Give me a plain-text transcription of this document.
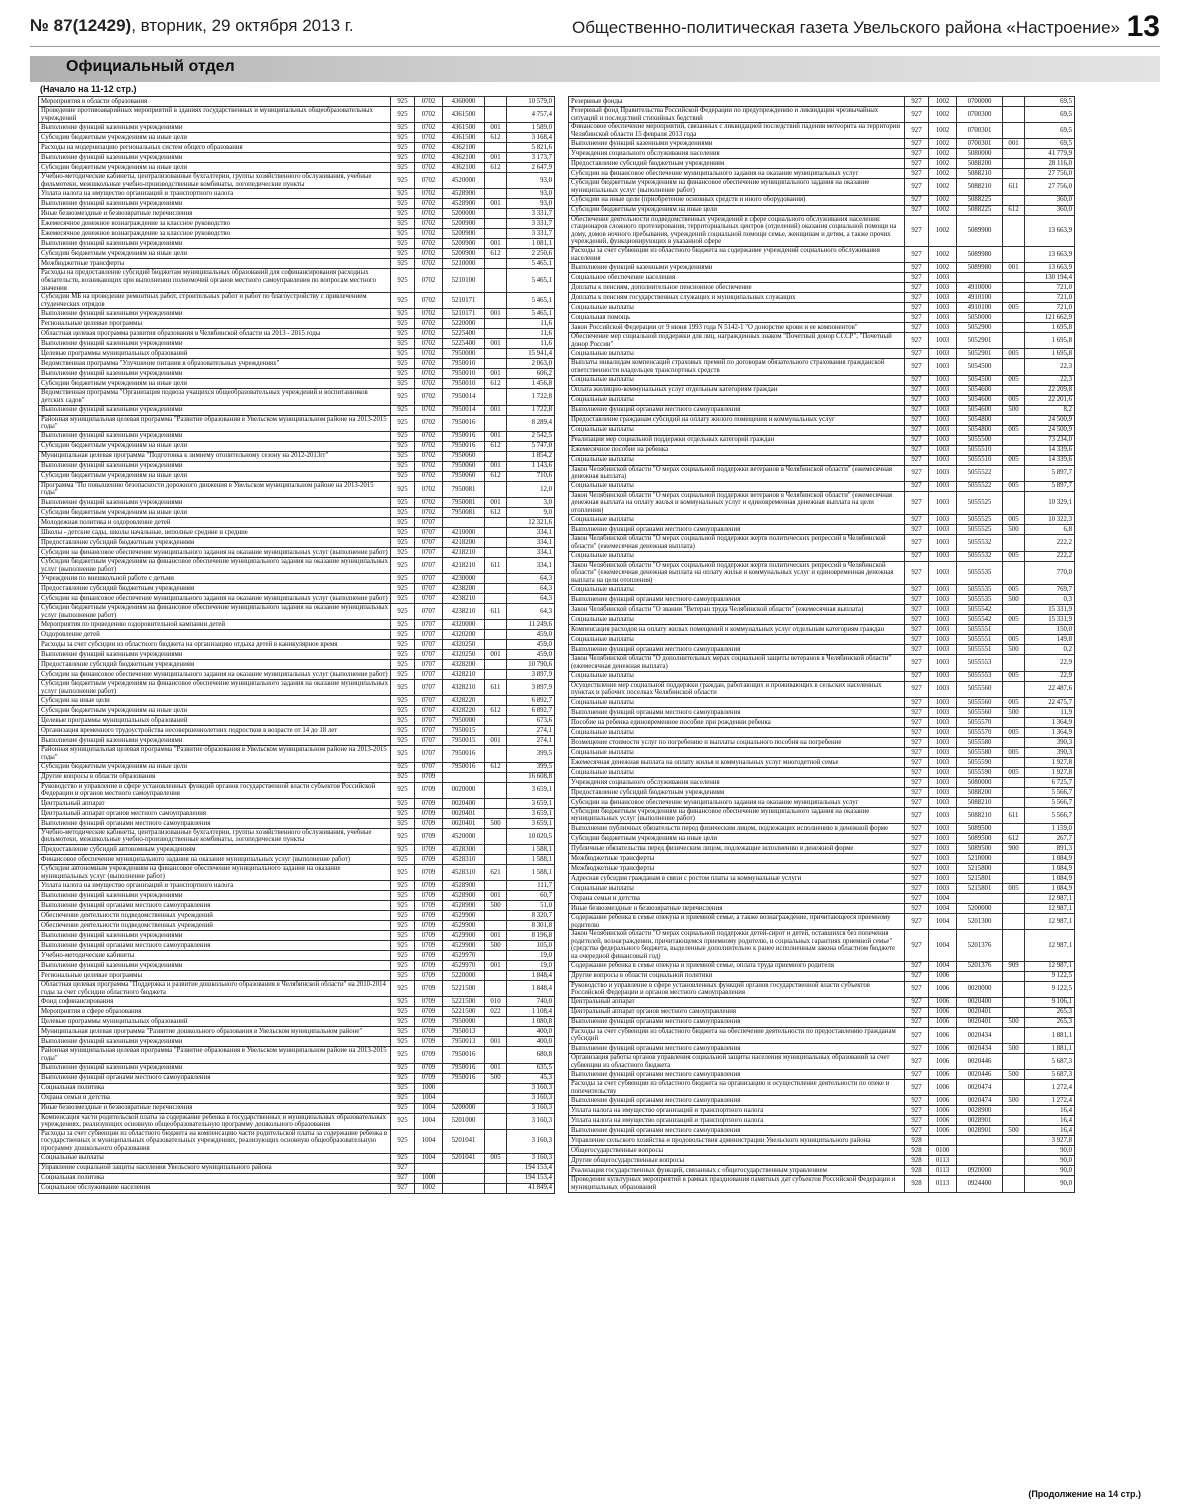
№ 87(12429), вторник, 29 октября 2013 г.	Общественно-политическая газета Увельского района «Настроение» 13
Официальный отдел
(Начало на 11-12 стр.)
Мероприятия в области образования	925	0702	4360000		10 579,0
Проведение противоаварийных мероприятий в зданиях государственных и муниципальных общеобразовательных учреждений	925	0702	4361500		4 757,4
Выполнение функций казенными учреждениями	925	0702	4361500	001	1 589,0
Субсидии бюджетным учреждениям на иные цели	925	0702	4361500	612	3 168,4
Расходы на модернизацию региональных систем общего образования	925	0702	4362100		5 821,6
Выполнение функций казенными учреждениями	925	0702	4362100	001	3 173,7
Субсидии бюджетным учреждениям на иные цели	925	0702	4362100	612	2 647,9
Учебно-методические кабинеты, централизованные бухгалтерии, группы хозяйственного обслуживания, учебные фильмотеки, межшкольные учебно-производственные комбинаты, логопедические пункты	925	0702	4520000		93,0
Уплата налога на имущество организаций и транспортного налога	925	0702	4528900		93,0
Выполнение функций казенными учреждениями	925	0702	4528900	001	93,0
Иные безвозмездные и безвозвратные перечисления	925	0702	5200000		3 331,7
Ежемесячное денежное вознаграждение за классное руководство	925	0702	5200900		3 331,7
Ежемесячное денежное вознаграждение за классное руководство	925	0702	5200900		3 331,7
Выполнение функций казенными учреждениями	925	0702	5200900	001	1 081,1
Субсидии бюджетным учреждениям на иные цели	925	0702	5200900	612	2 250,6
Межбюджетные трансферты	925	0702	5210000		5 465,1
Расходы на предоставление субсидий бюджетам муниципальных образований для софинансирования расходных обязательств, возникающих при выполнении полномочий органов местного самоуправления по вопросам местного значения	925	0702	5210100		5 465,1
Субсидии МБ на проведение ремонтных работ, строительных работ и работ по благоустройству с привлечением студенческих отрядов	925	0702	5210171		5 465,1
Выполнение функций казенными учреждениями	925	0702	5210171	001	5 465,1
Региональные целевые программы	925	0702	5220000		11,6
Областная целевая программа развития образования в Челябинской области на 2013 - 2015 годы	925	0702	5225400		11,6
Выполнение функций казенными учреждениями	925	0702	5225400	001	11,6
Целевые программы муниципальных образований	925	0702	7950000		15 941,4
Ведомственная программа "Улучшение питания в образовательных учреждениях"	925	0702	7950010		2 063,0
Выполнение функций казенными учреждениями	925	0702	7950010	001	606,2
Субсидии бюджетным учреждениям на иные цели	925	0702	7950010	612	1 456,8
Ведомственная программа "Организация подвоза учащихся общеобразовательных учреждений и воспитанников детских садов"	925	0702	7950014		1 722,8
Выполнение функций казенными учреждениями	925	0702	7950014	001	1 722,8
Районная муниципальная целевая программа "Развитие образования в Увельском муниципальном районе на 2013-2015 годы"	925	0702	7950016		8 289,4
Выполнение функций казенными учреждениями	925	0702	7950016	001	2 542,5
Субсидии бюджетным учреждениям на иные цели	925	0702	7950016	612	5 747,0
Муниципальная целевая программа "Подготовка к зимнему отопительному сезону на 2012-2013гг"	925	0702	7950060		1 854,2
Выполнение функций казенными учреждениями	925	0702	7950060	001	1 143,6
Субсидии бюджетным учреждениям на иные цели	925	0702	7950060	612	710,6
Программа "По повышению безопасности дорожного движения в Увельском муниципальном районе на 2013-2015 годы"	925	0702	7950081		12,0
Выполнение функций казенными учреждениями	925	0702	7950081	001	3,0
Субсидии бюджетным учреждениям на иные цели	925	0702	7950081	612	9,0
Молодежная политика и оздоровление детей	925	0707			12 321,6
Школы - детские сады, школы начальные, неполные средние и средние	925	0707	4210000		334,1
Предоставление субсидий бюджетным учреждениям	925	0707	4218200		334,1
Субсидии на финансовое обеспечение муниципального задания на оказание муниципальных услуг (выполнение работ)	925	0707	4218210		334,1
Субсидии бюджетным учреждениям на финансовое обеспечение муниципального задания на оказание муниципальных услуг (выполнение работ)	925	0707	4218210	611	334,1
Учреждения по внешкольной работе с детьми	925	0707	4230000		64,3
Предоставление субсидий бюджетным учреждениям	925	0707	4238200		64,3
Субсидии на финансовое обеспечение муниципального задания на оказание муниципальных услуг (выполнение работ)	925	0707	4238210		64,3
Субсидии бюджетным учреждениям на финансовое обеспечение муниципального задания на оказание муниципальных услуг (выполнение работ)	925	0707	4238210	611	64,3
Мероприятия по проведению оздоровительной кампании детей	925	0707	4320000		11 249,6
Оздоровление детей	925	0707	4320200		459,0
Расходы за счет субсидии из областного бюджета на организацию отдыха детей в каникулярное время	925	0707	4320250		459,0
Выполнение функций казенными учреждениями	925	0707	4320250	001	459,0
Предоставление субсидий бюджетным учреждениям	925	0707	4328200		10 790,6
Субсидии на финансовое обеспечение муниципального задания на оказание муниципальных услуг (выполнение работ)	925	0707	4328210		3 897,9
Субсидии бюджетным учреждениям на финансовое обеспечение муниципального задания на оказание муниципальных услуг (выполнение работ)	925	0707	4328210	611	3 897,9
Субсидии на иные цели	925	0707	4328220		6 892,7
Субсидии бюджетным учреждениям на иные цели	925	0707	4328220	612	6 892,7
Целевые программы муниципальных образований	925	0707	7950000		673,6
Организация временного трудоустройства несовершеннолетних подростков в возрасте от 14 до 18 лет	925	0707	7950015		274,1
Выполнение функций казенными учреждениями	925	0707	7950015	001	274,1
Районная муниципальная целевая программа "Развитие образования в Увельском муниципальном районе на 2013-2015 годы"	925	0707	7950016		399,5
Субсидии бюджетным учреждениям на иные цели	925	0707	7950016	612	399,5
Другие вопросы в области образования	925	0709			16 608,8
Руководство и управление в сфере установленных функций органов государственной власти субъектов Российской Федерации и органов местного самоуправления	925	0709	0020000		3 659,1
Центральный аппарат	925	0709	0020400		3 659,1
Центральный аппарат органов местного самоуправления	925	0709	0020401		3 659,1
Выполнение функций органами местного самоуправления	925	0709	0020401	500	3 659,1
Учебно-методические кабинеты, централизованные бухгалтерии, группы хозяйственного обслуживания, учебные фильмотеки, межшкольные учебно-производственные комбинаты, логопедические пункты	925	0709	4520000		10 020,5
Предоставление субсидий автономным учреждениям	925	0709	4528300		1 588,1
Финансовое обеспечение муниципального задания на оказание муниципальных услуг (выполнение работ)	925	0709	4528310		1 588,1
Субсидии автономным учреждениям на финансовое обеспечение муниципального задания на оказание муниципальных услуг (выполнение работ)	925	0709	4528310	621	1 588,1
Уплата налога на имущество организаций и транспортного налога	925	0709	4528900		111,7
Выполнение функций казенными учреждениями	925	0709	4528900	001	60,7
Выполнение функций органами местного самоуправления	925	0709	4528900	500	51,0
Обеспечение деятельности подведомственных учреждений	925	0709	4529900		8 320,7
Обеспечение деятельности подведомственных учреждений	925	0709	4529900		8 301,8
Выполнение функций казенными учреждениями	925	0709	4529900	001	8 196,8
Выполнение функций органами местного самоуправления	925	0709	4529900	500	105,0
Учебно-методические кабинеты	925	0709	4529970		19,0
Выполнение функций казенными учреждениями	925	0709	4529970	001	19,0
Региональные целевые программы	925	0709	5220000		1 848,4
Областная целевая программа "Поддержка и развитие дошкольного образования в Челябинской области" на 2010-2014 годы за счет субсидии областного бюджета	925	0709	5221500		1 848,4
Фонд софинансирования	925	0709	5221500	010	740,0
Мероприятия в сфере образования	925	0709	5221500	022	1 108,4
Целевые программы муниципальных образований	925	0709	7950000		1 080,8
Муниципальная целевая программа "Развитие дошкольного образования в Увельском муниципальном районе"	925	0709	7950013		400,0
Выполнение функций казенными учреждениями	925	0709	7950013	001	400,0
Районная муниципальная целевая программа "Развитие образования в Увельском муниципальном районе на 2013-2015 годы"	925	0709	7950016		680,8
Выполнение функций казенными учреждениями	925	0709	7950016	001	635,5
Выполнение функций органами местного самоуправления	925	0709	7950016	500	45,3
Социальная политика	925	1000			3 160,3
Охрана семьи и детства	925	1004			3 160,3
Иные безвозмездные и безвозвратные перечисления	925	1004	5200000		3 160,3
Компенсация части родительской платы за содержание ребенка в государственных и муниципальных образовательных учреждениях, реализующих основную общеобразовательную программу дошкольного образования	925	1004	5201000		3 160,3
Расходы за счет субвенции из областного бюджета на компенсацию части родительской платы за содержание ребенка в государственных и муниципальных образовательных учреждениях, реализующих основную общеобразовательную программу дошкольного образования	925	1004	5201041		3 160,3
Социальные выплаты	925	1004	5201041	005	3 160,3
Управление социальной защиты населения Увельского муниципального района	927				194 153,4
Социальная политика	927	1000			194 153,4
Социальное обслуживание населения	927	1002			41 849,4
Резервные фонды	927	1002	0700000		69,5
Резервный фонд Правительства Российской Федерации по предупреждению и ликвидации чрезвычайных ситуаций и последствий стихийных бедствий	927	1002	0700300		69,5
Финансовое обеспечение мероприятий, связанных с ликвидацией последствий падения метеорита на территории Челябинской области 15 февраля 2013 года	927	1002	0700301		69,5
Выполнение функций казенными учреждениями	927	1002	0700301	001	69,5
Учреждения социального обслуживания населения	927	1002	5080000		41 779,9
Предоставление субсидий бюджетным учреждениям	927	1002	5088200		28 116,0
Субсидии на финансовое обеспечение муниципального задания на оказание муниципальных услуг	927	1002	5088210		27 756,0
Субсидии бюджетным учреждениям на финансовое обеспечение муниципального задания на оказание муниципальных услуг (выполнение работ)	927	1002	5088210	611	27 756,0
Субсидии на иные цели (приобретение основных средств и иного оборудования)	927	1002	5088225		360,0
Субсидии бюджетным учреждениям на иные цели	927	1002	5088225	612	360,0
Обеспечение деятельности подведомственных учреждений в сфере социального обслуживания населения: стационаров сложного протезирования, территориальных центров (отделений) оказания социальной помощи на дому, домов ночного пребывания, учреждений социальной помощи семье, женщинам и детям, а также прочих учреждений, функционирующих в указанной сфере	927	1002	5089900		13 663,9
Расходы за счет субвенции из областного бюджета на содержание учреждений социального обслуживания населения	927	1002	5089980		13 663,9
Выполнение функций казенными учреждениями	927	1002	5089980	001	13 663,9
Социальное обеспечение населения	927	1003			130 194,4
Доплаты к пенсиям, дополнительное пенсионное обеспечение	927	1003	4910000		721,0
Доплаты к пенсиям государственных служащих и муниципальных служащих	927	1003	4910100		721,0
Социальные выплаты	927	1003	4910100	005	721,0
Социальная помощь	927	1003	5050000		121 662,9
Закон Российской Федерации от 9 июня 1993 года N 5142-1 "О донорстве крови и ее компонентов"	927	1003	5052900		1 695,8
Обеспечение мер социальной поддержки для лиц, награжденных знаком "Почетный донор СССР", "Почетный донор России"	927	1003	5052901		1 695,8
Социальные выплаты	927	1003	5052901	005	1 695,8
Выплаты инвалидам компенсаций страховых премий по договорам обязательного страхования гражданской ответственности владельцев транспортных средств	927	1003	5054500		22,3
Социальные выплаты	927	1003	5054500	005	22,3
Оплата жилищно-коммунальных услуг отдельным категориям граждан	927	1003	5054600		22 209,8
Социальные выплаты	927	1003	5054600	005	22 201,6
Выполнение функций органами местного самоуправления	927	1003	5054600	500	8,2
Предоставление гражданам субсидий на оплату жилого помещения и коммунальных услуг	927	1003	5054800		24 500,9
Социальные выплаты	927	1003	5054800	005	24 500,9
Реализация мер социальной поддержки отдельных категорий граждан	927	1003	5055500		73 234,0
Ежемесячное пособие на ребенка	927	1003	5055510		14 339,6
Социальные выплаты	927	1003	5055510	005	14 339,6
Закон Челябинской области "О мерах социальной поддержки ветеранов в Челябинской области" (ежемесячная денежная выплата)	927	1003	5055522		5 897,7
Социальные выплаты	927	1003	5055522	005	5 897,7
Закон Челябинской области "О мерах социальной поддержки ветеранов в Челябинской области" (ежемесячная денежная выплата на оплату жилья и коммунальных услуг и единовременная денежная выплата на цели отопления)	927	1003	5055525		10 329,1
Социальные выплаты	927	1003	5055525	005	10 322,3
Выполнение функций органами местного самоуправления	927	1003	5055525	500	6,8
Закон Челябинской области "О мерах социальной поддержки жертв политических репрессий в Челябинской области" (ежемесячная денежная выплата)	927	1003	5055532		222,2
Социальные выплаты	927	1003	5055532	005	222,2
Закон Челябинской области "О мерах социальной поддержки жертв политических репрессий в Челябинской области" (ежемесячная денежная выплата на оплату жилья и коммунальных услуг и единовременная денежная выплата на цели отопления)	927	1003	5055535		770,0
Социальные выплаты	927	1003	5055535	005	769,7
Выполнение функций органами местного самоуправления	927	1003	5055535	500	0,3
Закон Челябинской области "О звании "Ветеран труда Челябинской области" (ежемесячная выплата)	927	1003	5055542		15 331,9
Социальные выплаты	927	1003	5055542	005	15 331,9
Компенсация расходов на оплату жилых помещений и коммунальных услуг отдельным категориям граждан	927	1003	5055551		150,0
Социальные выплаты	927	1003	5055551	005	149,8
Выполнение функций органами местного самоуправления	927	1003	5055551	500	0,2
Закон Челябинской области "О дополнительных мерах социальной защиты ветеранов в Челябинской области" (ежемесячная денежная выплата)	927	1003	5055553		22,9
Социальные выплаты	927	1003	5055553	005	22,9
Осуществление мер социальной поддержки граждан, работающих и проживающих в сельских населенных пунктах и рабочих поселках Челябинской области	927	1003	5055560		22 487,6
Социальные выплаты	927	1003	5055560	005	22 475,7
Выполнение функций органами местного самоуправления	927	1003	5055560	500	11,9
Пособие на ребенка единовременное пособие при рождении ребенка	927	1003	5055570		1 364,9
Социальные выплаты	927	1003	5055570	005	1 364,9
Возмещение стоимости услуг по погребению и выплаты социального пособия на погребение	927	1003	5055580		390,3
Социальные выплаты	927	1003	5055580	005	390,3
Ежемесячная денежная выплата на оплату жилья и коммунальных услуг многодетной семье	927	1003	5055590		1 927,8
Социальные выплаты	927	1003	5055590	005	1 927,8
Учреждения социального обслуживания населения	927	1003	5080000		6 725,7
Предоставление субсидий бюджетным учреждениям	927	1003	5088200		5 566,7
Субсидии на финансовое обеспечение муниципального задания на оказание муниципальных услуг	927	1003	5088210		5 566,7
Субсидии бюджетным учреждениям на финансовое обеспечение муниципального задания на оказание муниципальных услуг (выполнение работ)	927	1003	5088210	611	5 566,7
Выполнение публичных обязательств перед физическим лицом, подлежащих исполнению в денежной форме	927	1003	5089500		1 159,0
Субсидии бюджетным учреждениям на иные цели	927	1003	5089500	612	267,7
Публичные обязательства перед физическим лицом, подлежащие исполнению в денежной форме	927	1003	5089500	900	891,3
Межбюджетные трансферты	927	1003	5210000		1 084,9
Межбюджетные трансферты	927	1003	5215800		1 084,9
Адресная субсидия гражданам в связи с ростом платы за коммунальные услуги	927	1003	5215801		1 084,9
Социальные выплаты	927	1003	5215801	005	1 084,9
Охрана семьи и детства	927	1004			12 987,1
Иные безвозмездные и безвозвратные перечисления	927	1004	5200000		12 987,1
Содержание ребенка в семье опекуна и приемной семье, а также вознаграждение, причитающееся приемному родителю	927	1004	5201300		12 987,1
Закон Челябинской области "О мерах социальной поддержки детей-сирот и детей, оставшихся без попечения родителей, вознаграждении, причитающемся приемному родителю, и социальных гарантиях приемной семье" (средства федерального бюджета, выделенные дополнительно к ранее исполненным закона областном бюджете на очередной финансовый год)	927	1004	5201376		12 987,1
Содержание ребенка в семье опекуна и приемной семье, оплата труда приемного родителя	927	1004	5201376	909	12 987,1
Другие вопросы в области социальной политики	927	1006			9 122,5
Руководство и управление в сфере установленных функций органов государственной власти субъектов Российской Федерации и органов местного самоуправления	927	1006	0020000		9 122,5
Центральный аппарат	927	1006	0020400		9 106,1
Центральный аппарат органов местного самоуправления	927	1006	0020401		265,3
Выполнение функций органами местного самоуправления	927	1006	0020401	500	265,3
Расходы за счет субвенции из областного бюджета на обеспечение деятельности по предоставлению гражданам субсидий	927	1006	0020434		1 881,1
Выполнение функций органами местного самоуправления	927	1006	0020434	500	1 881,1
Организация работы органов управления социальной защиты населения муниципальных образований за счет субвенции из областного бюджета	927	1006	0020446		5 687,3
Выполнение функций органами местного самоуправления	927	1006	0020446	500	5 687,3
Расходы за счет субвенции из областного бюджета на организацию и осуществление деятельности по опеке и попечительству	927	1006	0020474		1 272,4
Выполнение функций органами местного самоуправления	927	1006	0020474	500	1 272,4
Уплата налога на имущество организаций и транспортного налога	927	1006	0028900		16,4
Уплата налога на имущество организаций и транспортного налога	927	1006	0028901		16,4
Выполнение функций органами местного самоуправления	927	1006	0028901	500	16,4
Управление сельского хозяйства и продовольствия администрации Увельского муниципального района	928				3 927,8
Общегосударственные вопросы	928	0100			90,0
Другие общегосударственные вопросы	928	0113			90,0
Реализация государственных функций, связанных с общегосударственным управлением	928	0113	0920000		90,0
Проведение культурных мероприятий в рамках празднования памятных дат субъектов Российской Федерации и муниципальных образований	928	0113	0924400		90,0
(Продолжение на 14 стр.)
